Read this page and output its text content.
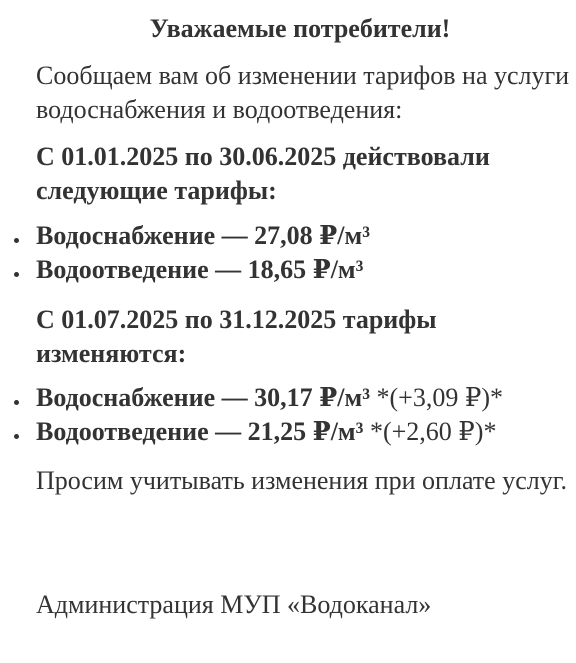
Уважаемые потребители!
Сообщаем вам об изменении тарифов на услуги водоснабжения и водоотведения:
С 01.01.2025 по 30.06.2025 действовали следующие тарифы:
Водоснабжение — 27,08 ₽/м³
Водоотведение — 18,65 ₽/м³
С 01.07.2025 по 31.12.2025 тарифы изменяются:
Водоснабжение — 30,17 ₽/м³ *(+3,09 ₽)*
Водоотведение — 21,25 ₽/м³ *(+2,60 ₽)*
Просим учитывать изменения при оплате услуг.
Администрация МУП «Водоканал»
